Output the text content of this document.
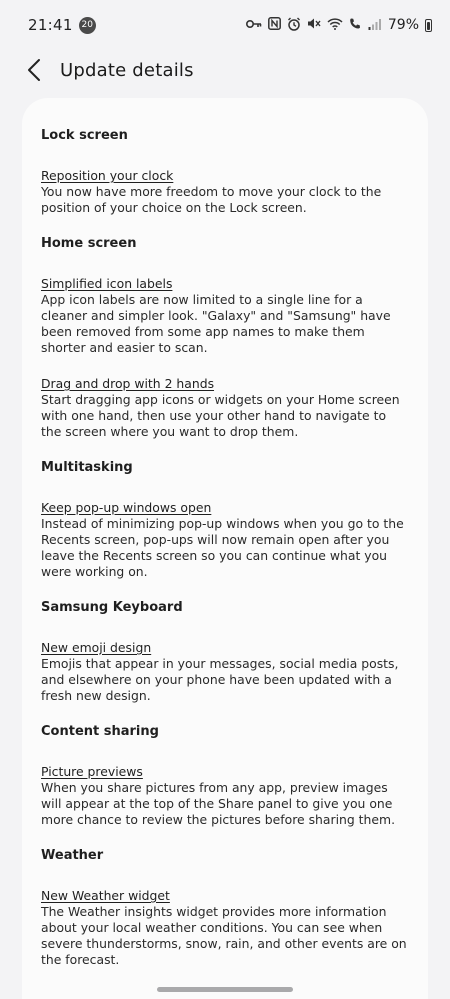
21:41 20	79%
Update details
Lock screen
Reposition your clock
You now have more freedom to move your clock to the position of your choice on the Lock screen.
Home screen
Simplified icon labels
App icon labels are now limited to a single line for a cleaner and simpler look. "Galaxy" and "Samsung" have been removed from some app names to make them shorter and easier to scan.
Drag and drop with 2 hands
Start dragging app icons or widgets on your Home screen with one hand, then use your other hand to navigate to the screen where you want to drop them.
Multitasking
Keep pop-up windows open
Instead of minimizing pop-up windows when you go to the Recents screen, pop-ups will now remain open after you leave the Recents screen so you can continue what you were working on.
Samsung Keyboard
New emoji design
Emojis that appear in your messages, social media posts, and elsewhere on your phone have been updated with a fresh new design.
Content sharing
Picture previews
When you share pictures from any app, preview images will appear at the top of the Share panel to give you one more chance to review the pictures before sharing them.
Weather
New Weather widget
The Weather insights widget provides more information about your local weather conditions. You can see when severe thunderstorms, snow, rain, and other events are on the forecast.
